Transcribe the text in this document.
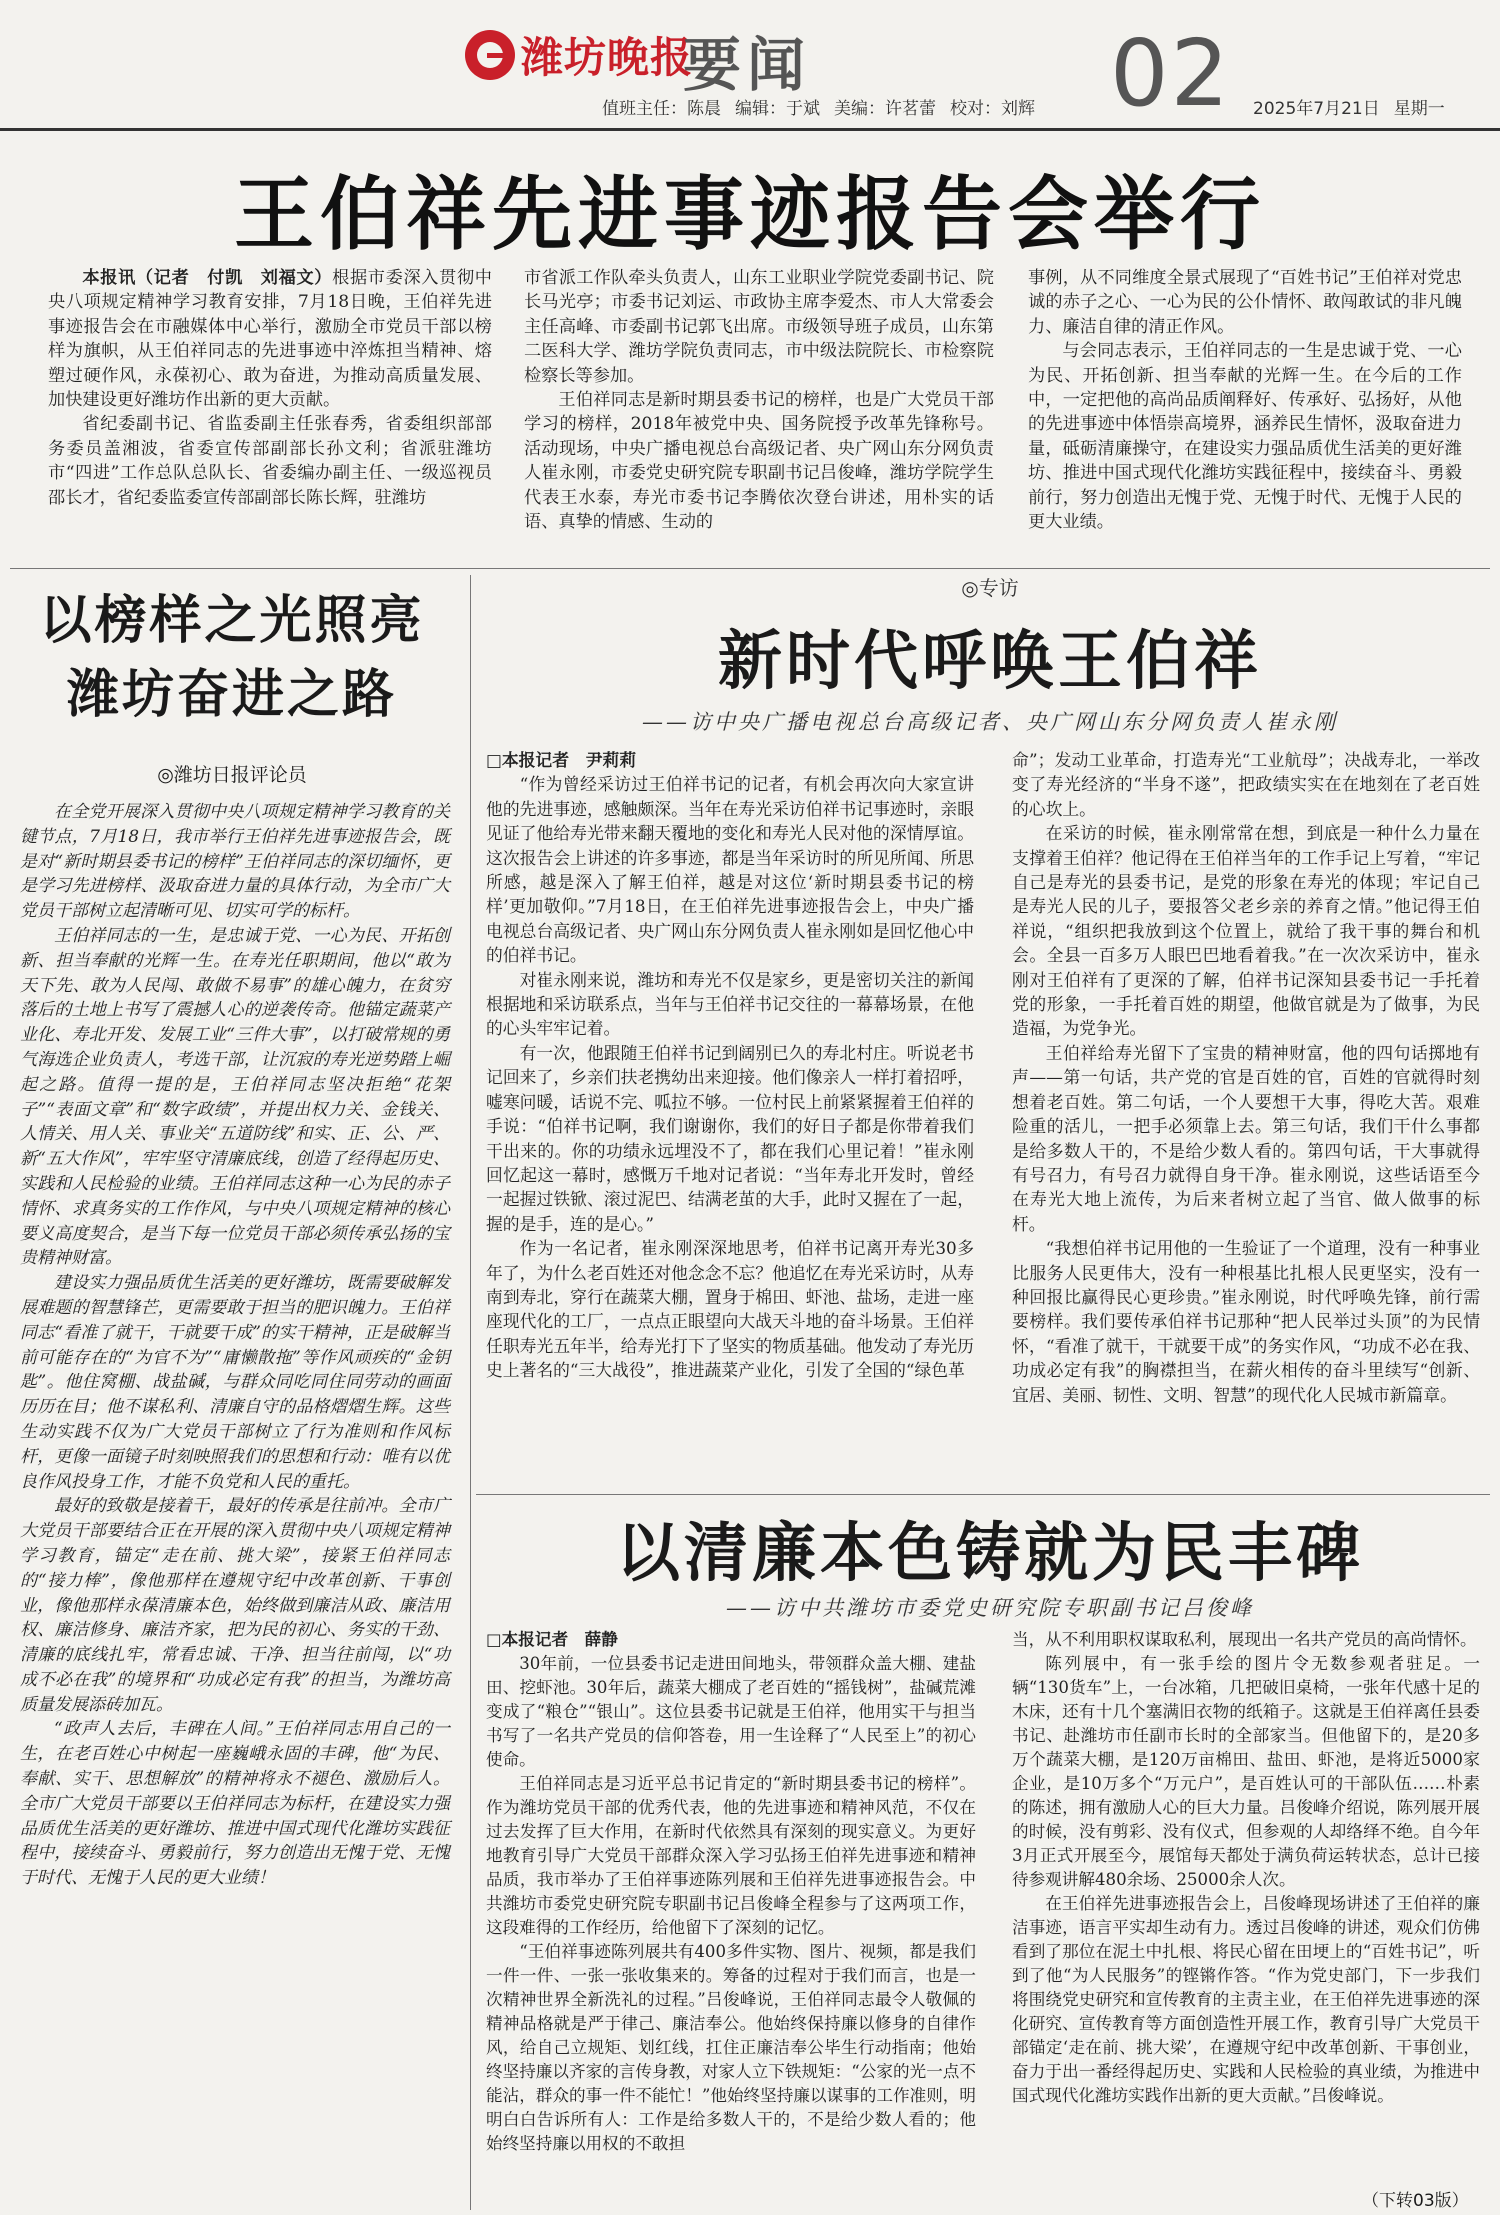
潍坊晚报
要闻	02
值班主任：陈晨 编辑：于斌 美编：许茗蕾 校对：刘辉	2025年7月21日 星期一
王伯祥先进事迹报告会举行

本报讯（记者　付凯　刘福文）根据市委深入贯彻中央八项规定精神学习教育安排，7月18日晚，王伯祥先进事迹报告会在市融媒体中心举行，激励全市党员干部以榜样为旗帜，从王伯祥同志的先进事迹中淬炼担当精神、熔塑过硬作风，永葆初心、敢为奋进，为推动高质量发展、加快建设更好潍坊作出新的更大贡献。

省纪委副书记、省监委副主任张春秀，省委组织部部务委员盖湘波，省委宣传部副部长孙文利；省派驻潍坊市“四进”工作总队总队长、省委编办副主任、一级巡视员邵长才，省纪委监委宣传部副部长陈长辉，驻潍坊

市省派工作队牵头负责人，山东工业职业学院党委副书记、院长马光亭；市委书记刘运、市政协主席李爱杰、市人大常委会主任高峰、市委副书记郭飞出席。市级领导班子成员，山东第二医科大学、潍坊学院负责同志，市中级法院院长、市检察院检察长等参加。

王伯祥同志是新时期县委书记的榜样，也是广大党员干部学习的榜样，2018年被党中央、国务院授予改革先锋称号。活动现场，中央广播电视总台高级记者、央广网山东分网负责人崔永刚，市委党史研究院专职副书记吕俊峰，潍坊学院学生代表王水泰，寿光市委书记李腾依次登台讲述，用朴实的话语、真挚的情感、生动的

事例，从不同维度全景式展现了“百姓书记”王伯祥对党忠诚的赤子之心、一心为民的公仆情怀、敢闯敢试的非凡魄力、廉洁自律的清正作风。

与会同志表示，王伯祥同志的一生是忠诚于党、一心为民、开拓创新、担当奉献的光辉一生。在今后的工作中，一定把他的高尚品质阐释好、传承好、弘扬好，从他的先进事迹中体悟崇高境界，涵养民生情怀，汲取奋进力量，砥砺清廉操守，在建设实力强品质优生活美的更好潍坊、推进中国式现代化潍坊实践征程中，接续奋斗、勇毅前行，努力创造出无愧于党、无愧于时代、无愧于人民的更大业绩。

以榜样之光照亮
潍坊奋进之路
◎潍坊日报评论员

在全党开展深入贯彻中央八项规定精神学习教育的关键节点，7月18日，我市举行王伯祥先进事迹报告会，既是对“新时期县委书记的榜样”王伯祥同志的深切缅怀，更是学习先进榜样、汲取奋进力量的具体行动，为全市广大党员干部树立起清晰可见、切实可学的标杆。

王伯祥同志的一生，是忠诚于党、一心为民、开拓创新、担当奉献的光辉一生。在寿光任职期间，他以“敢为天下先、敢为人民闯、敢做不易事”的雄心魄力，在贫穷落后的土地上书写了震撼人心的逆袭传奇。他锚定蔬菜产业化、寿北开发、发展工业“三件大事”，以打破常规的勇气海选企业负责人，考选干部，让沉寂的寿光逆势踏上崛起之路。值得一提的是，王伯祥同志坚决拒绝“花架子”“表面文章”和“数字政绩”，并提出权力关、金钱关、人情关、用人关、事业关“五道防线”和实、正、公、严、新“五大作风”，牢牢坚守清廉底线，创造了经得起历史、实践和人民检验的业绩。王伯祥同志这种一心为民的赤子情怀、求真务实的工作作风，与中央八项规定精神的核心要义高度契合，是当下每一位党员干部必须传承弘扬的宝贵精神财富。

建设实力强品质优生活美的更好潍坊，既需要破解发展难题的智慧锋芒，更需要敢于担当的肥识魄力。王伯祥同志“看准了就干，干就要干成”的实干精神，正是破解当前可能存在的“为官不为”“庸懒散拖”等作风顽疾的“金钥匙”。他住窝棚、战盐碱，与群众同吃同住同劳动的画面历历在目；他不谋私利、清廉自守的品格熠熠生辉。这些生动实践不仅为广大党员干部树立了行为准则和作风标杆，更像一面镜子时刻映照我们的思想和行动：唯有以优良作风投身工作，才能不负党和人民的重托。

最好的致敬是接着干，最好的传承是往前冲。全市广大党员干部要结合正在开展的深入贯彻中央八项规定精神学习教育，锚定“走在前、挑大梁”，接紧王伯祥同志的“接力棒”，像他那样在遵规守纪中改革创新、干事创业，像他那样永葆清廉本色，始终做到廉洁从政、廉洁用权、廉洁修身、廉洁齐家，把为民的初心、务实的干劲、清廉的底线扎牢，常看忠诚、干净、担当往前闯，以“功成不必在我”的境界和“功成必定有我”的担当，为潍坊高质量发展添砖加瓦。

“政声人去后，丰碑在人间。”王伯祥同志用自己的一生，在老百姓心中树起一座巍峨永固的丰碑，他“为民、奉献、实干、思想解放”的精神将永不褪色、激励后人。全市广大党员干部要以王伯祥同志为标杆，在建设实力强品质优生活美的更好潍坊、推进中国式现代化潍坊实践征程中，接续奋斗、勇毅前行，努力创造出无愧于党、无愧于时代、无愧于人民的更大业绩！

◎专访
新时代呼唤王伯祥
——访中央广播电视总台高级记者、央广网山东分网负责人崔永刚

□本报记者　尹莉莉

“作为曾经采访过王伯祥书记的记者，有机会再次向大家宣讲他的先进事迹，感触颇深。当年在寿光采访伯祥书记事迹时，亲眼见证了他给寿光带来翻天覆地的变化和寿光人民对他的深情厚谊。这次报告会上讲述的许多事迹，都是当年采访时的所见所闻、所思所感，越是深入了解王伯祥，越是对这位‘新时期县委书记的榜样’更加敬仰。”7月18日，在王伯祥先进事迹报告会上，中央广播电视总台高级记者、央广网山东分网负责人崔永刚如是回忆他心中的伯祥书记。

对崔永刚来说，潍坊和寿光不仅是家乡，更是密切关注的新闻根据地和采访联系点，当年与王伯祥书记交往的一幕幕场景，在他的心头牢牢记着。

有一次，他跟随王伯祥书记到阔别已久的寿北村庄。听说老书记回来了，乡亲们扶老携幼出来迎接。他们像亲人一样打着招呼，嘘寒问暖，话说不完、呱拉不够。一位村民上前紧紧握着王伯祥的手说：“伯祥书记啊，我们谢谢你，我们的好日子都是你带着我们干出来的。你的功绩永远埋没不了，都在我们心里记着！”崔永刚回忆起这一幕时，感慨万千地对记者说：“当年寿北开发时，曾经一起握过铁锨、滚过泥巴、结满老茧的大手，此时又握在了一起，握的是手，连的是心。”

作为一名记者，崔永刚深深地思考，伯祥书记离开寿光30多年了，为什么老百姓还对他念念不忘？他追忆在寿光采访时，从寿南到寿北，穿行在蔬菜大棚，置身于棉田、虾池、盐场，走进一座座现代化的工厂，一点点正眼望向大战天斗地的奋斗场景。王伯祥任职寿光五年半，给寿光打下了坚实的物质基础。他发动了寿光历史上著名的“三大战役”，推进蔬菜产业化，引发了全国的“绿色革

命”；发动工业革命，打造寿光“工业航母”；决战寿北，一举改变了寿光经济的“半身不遂”，把政绩实实在在地刻在了老百姓的心坎上。

在采访的时候，崔永刚常常在想，到底是一种什么力量在支撑着王伯祥？他记得在王伯祥当年的工作手记上写着，“牢记自己是寿光的县委书记，是党的形象在寿光的体现；牢记自己是寿光人民的儿子，要报答父老乡亲的养育之情。”他记得王伯祥说，“组织把我放到这个位置上，就给了我干事的舞台和机会。全县一百多万人眼巴巴地看着我。”在一次次采访中，崔永刚对王伯祥有了更深的了解，伯祥书记深知县委书记一手托着党的形象，一手托着百姓的期望，他做官就是为了做事，为民造福，为党争光。

王伯祥给寿光留下了宝贵的精神财富，他的四句话掷地有声——第一句话，共产党的官是百姓的官，百姓的官就得时刻想着老百姓。第二句话，一个人要想干大事，得吃大苦。艰难险重的活儿，一把手必须靠上去。第三句话，我们干什么事都是给多数人干的，不是给少数人看的。第四句话，干大事就得有号召力，有号召力就得自身干净。崔永刚说，这些话语至今在寿光大地上流传，为后来者树立起了当官、做人做事的标杆。

“我想伯祥书记用他的一生验证了一个道理，没有一种事业比服务人民更伟大，没有一种根基比扎根人民更坚实，没有一种回报比赢得民心更珍贵。”崔永刚说，时代呼唤先锋，前行需要榜样。我们要传承伯祥书记那种“把人民举过头顶”的为民情怀，“看准了就干，干就要干成”的务实作风，“功成不必在我、功成必定有我”的胸襟担当，在薪火相传的奋斗里续写“创新、宜居、美丽、韧性、文明、智慧”的现代化人民城市新篇章。

以清廉本色铸就为民丰碑
——访中共潍坊市委党史研究院专职副书记吕俊峰

□本报记者　薛静

30年前，一位县委书记走进田间地头，带领群众盖大棚、建盐田、挖虾池。30年后，蔬菜大棚成了老百姓的“摇钱树”，盐碱荒滩变成了“粮仓”“银山”。这位县委书记就是王伯祥，他用实干与担当书写了一名共产党员的信仰答卷，用一生诠释了“人民至上”的初心使命。

王伯祥同志是习近平总书记肯定的“新时期县委书记的榜样”。作为潍坊党员干部的优秀代表，他的先进事迹和精神风范，不仅在过去发挥了巨大作用，在新时代依然具有深刻的现实意义。为更好地教育引导广大党员干部群众深入学习弘扬王伯祥先进事迹和精神品质，我市举办了王伯祥事迹陈列展和王伯祥先进事迹报告会。中共潍坊市委党史研究院专职副书记吕俊峰全程参与了这两项工作，这段难得的工作经历，给他留下了深刻的记忆。

“王伯祥事迹陈列展共有400多件实物、图片、视频，都是我们一件一件、一张一张收集来的。筹备的过程对于我们而言，也是一次精神世界全新洗礼的过程。”吕俊峰说，王伯祥同志最令人敬佩的精神品格就是严于律己、廉洁奉公。他始终保持廉以修身的自律作风，给自己立规矩、划红线，扛住正廉洁奉公毕生行动指南；他始终坚持廉以齐家的言传身教，对家人立下铁规矩：“公家的光一点不能沾，群众的事一件不能忙！”他始终坚持廉以谋事的工作准则，明明白白告诉所有人：工作是给多数人干的，不是给少数人看的；他始终坚持廉以用权的不敢担

当，从不利用职权谋取私利，展现出一名共产党员的高尚情怀。

陈列展中，有一张手绘的图片令无数参观者驻足。一辆“130货车”上，一台冰箱，几把破旧桌椅，一张年代感十足的木床，还有十几个塞满旧衣物的纸箱子。这就是王伯祥离任县委书记、赴潍坊市任副市长时的全部家当。但他留下的，是20多万个蔬菜大棚，是120万亩棉田、盐田、虾池，是将近5000家企业，是10万多个“万元户”，是百姓认可的干部队伍……朴素的陈述，拥有激励人心的巨大力量。吕俊峰介绍说，陈列展开展的时候，没有剪彩、没有仪式，但参观的人却络绎不绝。自今年3月正式开展至今，展馆每天都处于满负荷运转状态，总计已接待参观讲解480余场、25000余人次。

在王伯祥先进事迹报告会上，吕俊峰现场讲述了王伯祥的廉洁事迹，语言平实却生动有力。透过吕俊峰的讲述，观众们仿佛看到了那位在泥土中扎根、将民心留在田埂上的“百姓书记”，听到了他“为人民服务”的铿锵作答。“作为党史部门，下一步我们将围绕党史研究和宣传教育的主责主业，在王伯祥先进事迹的深化研究、宣传教育等方面创造性开展工作，教育引导广大党员干部锚定‘走在前、挑大梁’，在遵规守纪中改革创新、干事创业，奋力于出一番经得起历史、实践和人民检验的真业绩，为推进中国式现代化潍坊实践作出新的更大贡献。”吕俊峰说。

（下转03版）
